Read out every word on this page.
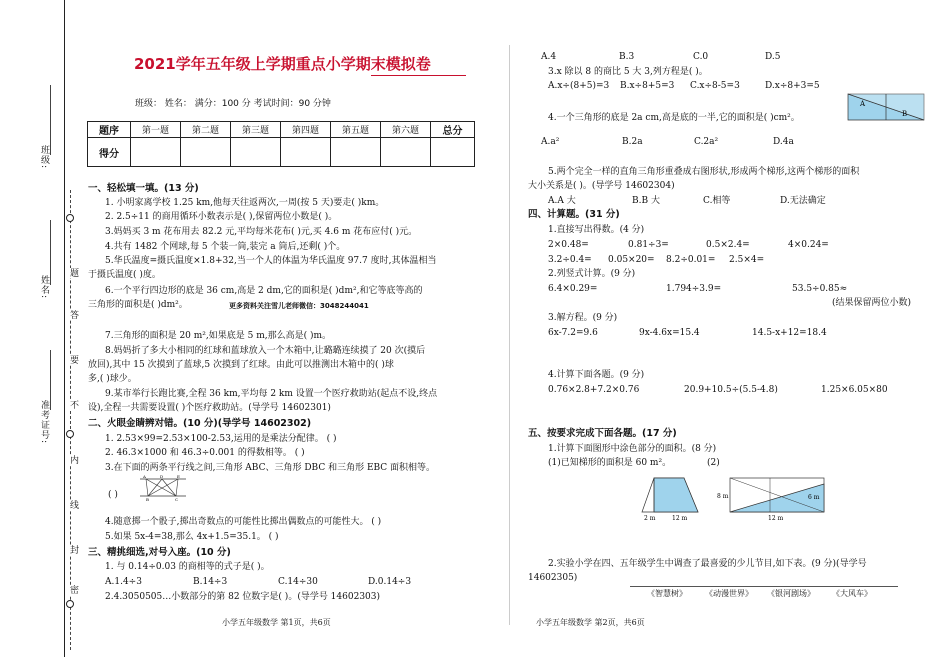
班级:
姓名:
准考证号:
题
答
要
不
内
线
封
密
2021学年五年级上学期重点小学期末模拟卷
班级： 姓名： 满分：100 分 考试时间：90 分钟
题序	第一题	第二题	第三题	第四题	第五题	第六题	总分
得分							
一、轻松填一填。(13 分)
1. 小明家离学校 1.25 km,他每天往返两次,一周(按 5 天)要走( )km。
2. 2.5÷11 的商用循环小数表示是( ),保留两位小数是( )。
3.妈妈买 3 m 花布用去 82.2 元,平均每米花布( )元,买 4.6 m 花布应付( )元。
4.共有 1482 个网球,每 5 个装一筒,装完 a 筒后,还剩( )个。
5.华氏温度=摄氏温度×1.8+32,当一个人的体温为华氏温度 97.7 度时,其体温相当
于摄氏温度( )度。
6.一个平行四边形的底是 36 cm,高是 2 dm,它的面积是( )dm²,和它等底等高的
三角形的面积是( )dm²。	更多资料关注雪儿老师微信：3048244041
7.三角形的面积是 20 m²,如果底是 5 m,那么高是( )m。
8.妈妈折了多大小相同的红球和蓝球放入一个木箱中,让璐璐连续摸了 20 次(摸后
放回),其中 15 次摸到了蓝球,5 次摸到了红球。由此可以推测出木箱中的( )球
多,( )球少。
9.某市举行长跑比赛,全程 36 km,平均每 2 km 设置一个医疗救助站(起点不设,终点
设),全程一共需要设置( )个医疗救助站。(导学号 14602301)
二、火眼金睛辨对错。(10 分)(导学号 14602302)
1. 2.53×99=2.53×100-2.53,运用的是乘法分配律。 ( )
2. 46.3×1000 和 46.3÷0.001 的得数相等。 ( )
3.在下面的两条平行线之间,三角形 ABC、三角形 DBC 和三角形 EBC 面积相等。
( )
A	D	E
B	C
4.随意掷一个骰子,掷出奇数点的可能性比掷出偶数点的可能性大。 ( )
5.如果 5x-4=38,那么 4x+1.5=35.1。 ( )
三、精挑细选,对号入座。(10 分)
1. 与 0.14÷0.03 的商相等的式子是( )。
A.1.4÷3	B.14÷3	C.14÷30	D.0.14÷3
2.4.3050505…小数部分的第 82 位数字是( )。(导学号 14602303)
小学五年级数学 第1页，共6页
A.4	B.3	C.0	D.5
3.x 除以 8 的商比 5 大 3,列方程是( )。
A.x÷(8+5)=3 B.x÷8+5=3 C.x÷8-5=3	D.x÷8+3=5
A
B
4.一个三角形的底是 2a cm,高是底的一半,它的面积是( )cm²。
A.a²	B.2a	C.2a²	D.4a
5.两个完全一样的直角三角形重叠成右图形状,形成两个梯形,这两个梯形的面积
大小关系是( )。(导学号 14602304)
A.A 大	B.B 大	C.相等	D.无法确定
四、计算题。(31 分)
1.直接写出得数。(4 分)
2×0.48=	0.81÷3=	0.5×2.4=	4×0.24=
3.2÷0.4= 0.05×20= 8.2÷0.01= 2.5×4=
2.列竖式计算。(9 分)
6.4×0.29=	1.794÷3.9=	53.5÷0.85≈
(结果保留两位小数)
3.解方程。(9 分)
6x-7.2=9.6	9x-4.6x=15.4	14.5-x+12=18.4
4.计算下面各题。(9 分)
0.76×2.8+7.2×0.76	20.9+10.5÷(5.5-4.8)	1.25×6.05×80
五、按要求完成下面各题。(17 分)
1.计算下面图形中涂色部分的面积。(8 分)
(1)已知梯形的面积是 60 m²。	(2)
2 m	12 m
8 m	6 m
12 m
2.实验小学在四、五年级学生中调查了最喜爱的少儿节目,如下表。(9 分)(导学号
14602305)
《智慧树》 《动漫世界》 《银河剧场》 《大风车》
小学五年级数学 第2页，共6页
